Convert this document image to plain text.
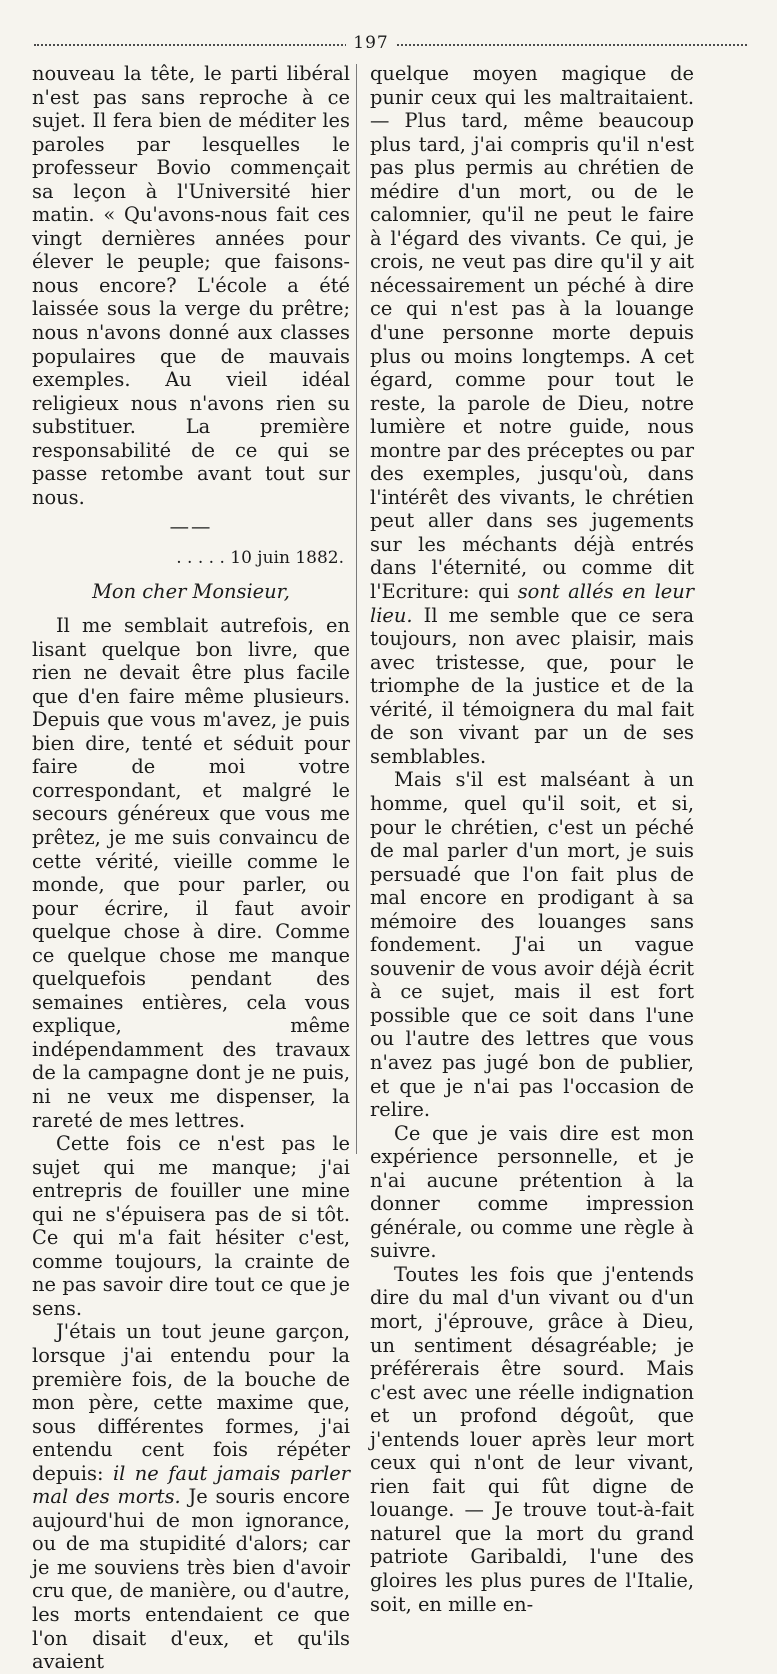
197

nouveau la tête, le parti libéral n'est pas sans reproche à ce sujet. Il fera bien de méditer les paroles par lesquelles le professeur Bovio commençait sa leçon à l'Université hier matin. « Qu'avons-nous fait ces vingt dernières années pour élever le peuple; que faisons-nous encore? L'école a été laissée sous la verge du prêtre; nous n'avons donné aux classes populaires que de mauvais exemples. Au vieil idéal religieux nous n'avons rien su substituer. La première responsabilité de ce qui se passe retombe avant tout sur nous.

——
. . . . . 10 juin 1882.
Mon cher Monsieur,

Il me semblait autrefois, en lisant quelque bon livre, que rien ne devait être plus facile que d'en faire même plusieurs. Depuis que vous m'avez, je puis bien dire, tenté et séduit pour faire de moi votre correspondant, et malgré le secours généreux que vous me prêtez, je me suis convaincu de cette vérité, vieille comme le monde, que pour parler, ou pour écrire, il faut avoir quelque chose à dire. Comme ce quelque chose me manque quelquefois pendant des semaines entières, cela vous explique, même indépendamment des travaux de la campagne dont je ne puis, ni ne veux me dispenser, la rareté de mes lettres.

Cette fois ce n'est pas le sujet qui me manque; j'ai entrepris de fouiller une mine qui ne s'épuisera pas de si tôt. Ce qui m'a fait hésiter c'est, comme toujours, la crainte de ne pas savoir dire tout ce que je sens.

J'étais un tout jeune garçon, lorsque j'ai entendu pour la première fois, de la bouche de mon père, cette maxime que, sous différentes formes, j'ai entendu cent fois répéter depuis: il ne faut jamais parler mal des morts. Je souris encore aujourd'hui de mon ignorance, ou de ma stupidité d'alors; car je me souviens très bien d'avoir cru que, de manière, ou d'autre, les morts entendaient ce que l'on disait d'eux, et qu'ils avaient

quelque moyen magique de punir ceux qui les maltraitaient. — Plus tard, même beaucoup plus tard, j'ai compris qu'il n'est pas plus permis au chrétien de médire d'un mort, ou de le calomnier, qu'il ne peut le faire à l'égard des vivants. Ce qui, je crois, ne veut pas dire qu'il y ait nécessairement un péché à dire ce qui n'est pas à la louange d'une personne morte depuis plus ou moins longtemps. A cet égard, comme pour tout le reste, la parole de Dieu, notre lumière et notre guide, nous montre par des préceptes ou par des exemples, jusqu'où, dans l'intérêt des vivants, le chrétien peut aller dans ses jugements sur les méchants déjà entrés dans l'éternité, ou comme dit l'Ecriture: qui sont allés en leur lieu. Il me semble que ce sera toujours, non avec plaisir, mais avec tristesse, que, pour le triomphe de la justice et de la vérité, il témoignera du mal fait de son vivant par un de ses semblables.

Mais s'il est malséant à un homme, quel qu'il soit, et si, pour le chrétien, c'est un péché de mal parler d'un mort, je suis persuadé que l'on fait plus de mal encore en prodigant à sa mémoire des louanges sans fondement. J'ai un vague souvenir de vous avoir déjà écrit à ce sujet, mais il est fort possible que ce soit dans l'une ou l'autre des lettres que vous n'avez pas jugé bon de publier, et que je n'ai pas l'occasion de relire.

Ce que je vais dire est mon expérience personnelle, et je n'ai aucune prétention à la donner comme impression générale, ou comme une règle à suivre.

Toutes les fois que j'entends dire du mal d'un vivant ou d'un mort, j'éprouve, grâce à Dieu, un sentiment désagréable; je préférerais être sourd. Mais c'est avec une réelle indignation et un profond dégoût, que j'entends louer après leur mort ceux qui n'ont de leur vivant, rien fait qui fût digne de louange. — Je trouve tout-à-fait naturel que la mort du grand patriote Garibaldi, l'une des gloires les plus pures de l'Italie, soit, en mille en-
